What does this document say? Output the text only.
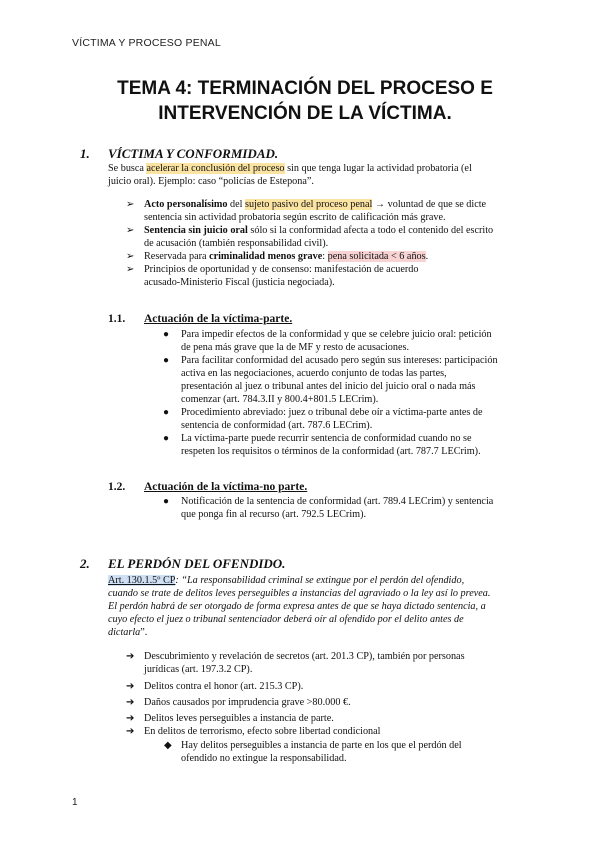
VÍCTIMA Y PROCESO PENAL
TEMA 4: TERMINACIÓN DEL PROCESO E
INTERVENCIÓN DE LA VÍCTIMA.
1. VÍCTIMA Y CONFORMIDAD.
Se busca acelerar la conclusión del proceso sin que tenga lugar la actividad probatoria (el
juicio oral). Ejemplo: caso “policías de Estepona”.
➢ Acto personalísimo del sujeto pasivo del proceso penal → voluntad de que se dicte
sentencia sin actividad probatoria según escrito de calificación más grave.
➢ Sentencia sin juicio oral sólo si la conformidad afecta a todo el contenido del escrito
de acusación (también responsabilidad civil).
➢ Reservada para criminalidad menos grave: pena solicitada < 6 años.
➢ Principios de oportunidad y de consenso: manifestación de acuerdo
acusado-Ministerio Fiscal (justicia negociada).
1.1. Actuación de la víctima-parte.
● Para impedir efectos de la conformidad y que se celebre juicio oral: petición
de pena más grave que la de MF y resto de acusaciones.
● Para facilitar conformidad del acusado pero según sus intereses: participación
activa en las negociaciones, acuerdo conjunto de todas las partes,
presentación al juez o tribunal antes del inicio del juicio oral o nada más
comenzar (art. 784.3.II y 800.4+801.5 LECrim).
● Procedimiento abreviado: juez o tribunal debe oír a víctima-parte antes de
sentencia de conformidad (art. 787.6 LECrim).
● La víctima-parte puede recurrir sentencia de conformidad cuando no se
respeten los requisitos o términos de la conformidad (art. 787.7 LECrim).
1.2. Actuación de la víctima-no parte.
● Notificación de la sentencia de conformidad (art. 789.4 LECrim) y sentencia
que ponga fin al recurso (art. 792.5 LECrim).
2. EL PERDÓN DEL OFENDIDO.
Art. 130.1.5º CP: “La responsabilidad criminal se extingue por el perdón del ofendido,
cuando se trate de delitos leves perseguibles a instancias del agraviado o la ley así lo prevea.
El perdón habrá de ser otorgado de forma expresa antes de que se haya dictado sentencia, a
cuyo efecto el juez o tribunal sentenciador deberá oír al ofendido por el delito antes de
dictarla”.
➔ Descubrimiento y revelación de secretos (art. 201.3 CP), también por personas
jurídicas (art. 197.3.2 CP).
➔ Delitos contra el honor (art. 215.3 CP).
➔ Daños causados por imprudencia grave >80.000 €.
➔ Delitos leves perseguibles a instancia de parte.
➔ En delitos de terrorismo, efecto sobre libertad condicional
◆ Hay delitos perseguibles a instancia de parte en los que el perdón del
ofendido no extingue la responsabilidad.
1
